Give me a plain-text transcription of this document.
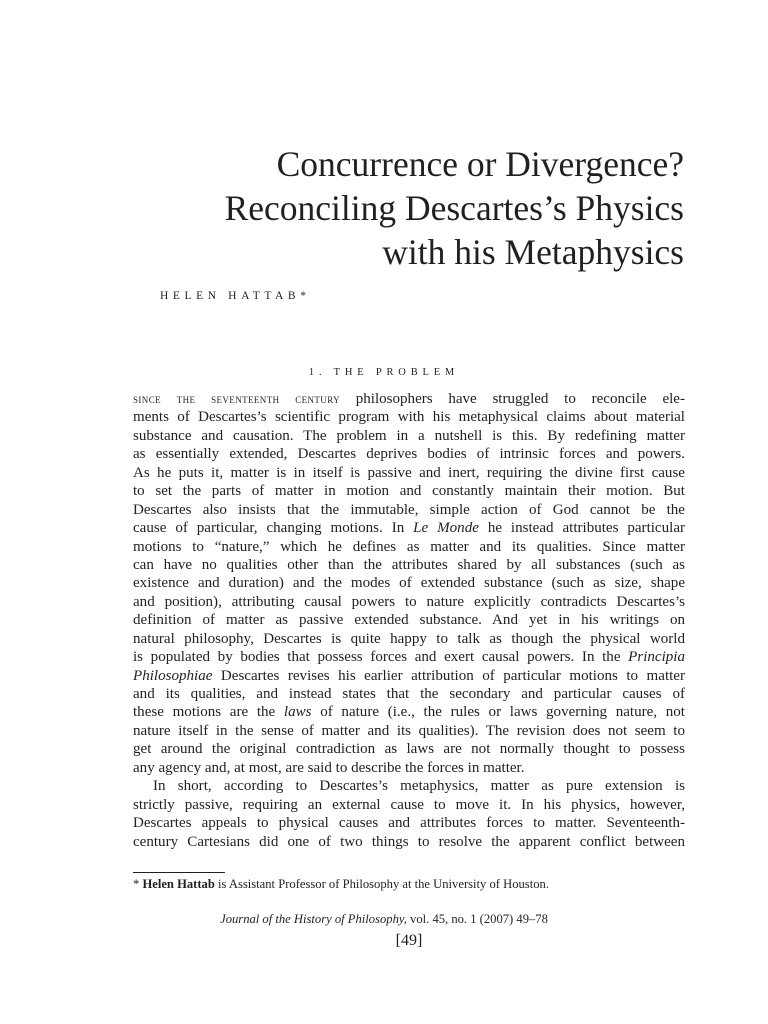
Concurrence or Divergence?
Reconciling Descartes’s Physics
with his Metaphysics
HELEN HATTAB*
1. THE PROBLEM
since the seventeenth century philosophers have struggled to reconcile ele-
ments of Descartes’s scientific program with his metaphysical claims about material
substance and causation. The problem in a nutshell is this. By redefining matter
as essentially extended, Descartes deprives bodies of intrinsic forces and powers.
As he puts it, matter is in itself is passive and inert, requiring the divine first cause
to set the parts of matter in motion and constantly maintain their motion. But
Descartes also insists that the immutable, simple action of God cannot be the
cause of particular, changing motions. In Le Monde he instead attributes particular
motions to “nature,” which he defines as matter and its qualities. Since matter
can have no qualities other than the attributes shared by all substances (such as
existence and duration) and the modes of extended substance (such as size, shape
and position), attributing causal powers to nature explicitly contradicts Descartes’s
definition of matter as passive extended substance. And yet in his writings on
natural philosophy, Descartes is quite happy to talk as though the physical world
is populated by bodies that possess forces and exert causal powers. In the Principia
Philosophiae Descartes revises his earlier attribution of particular motions to matter
and its qualities, and instead states that the secondary and particular causes of
these motions are the laws of nature (i.e., the rules or laws governing nature, not
nature itself in the sense of matter and its qualities). The revision does not seem to
get around the original contradiction as laws are not normally thought to possess
any agency and, at most, are said to describe the forces in matter.
In short, according to Descartes’s metaphysics, matter as pure extension is
strictly passive, requiring an external cause to move it. In his physics, however,
Descartes appeals to physical causes and attributes forces to matter. Seventeenth-
century Cartesians did one of two things to resolve the apparent conflict between
* Helen Hattab is Assistant Professor of Philosophy at the University of Houston.
Journal of the History of Philosophy, vol. 45, no. 1 (2007) 49–78
[49]
